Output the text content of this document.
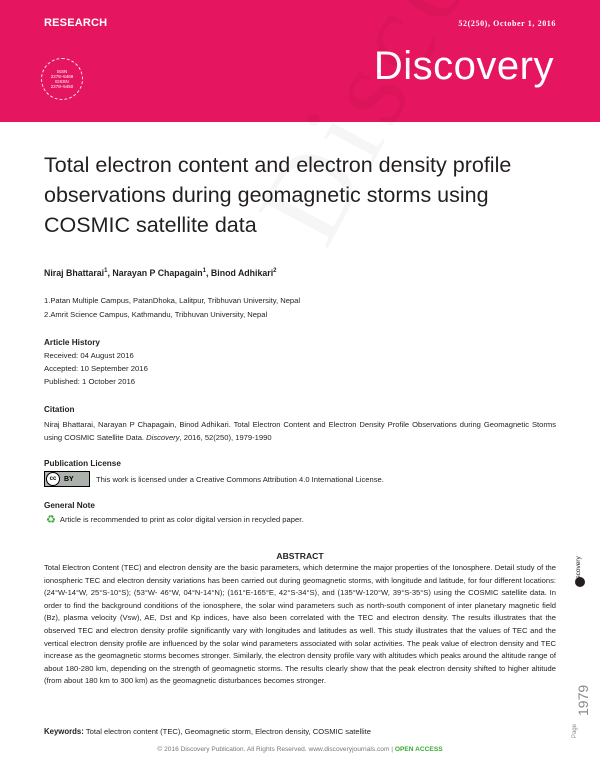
RESEARCH	52(250), October 1, 2016
ISSN
2278–5469
EISSN
2278–5450	Discovery
Total electron content and electron density profile observations during geomagnetic storms using COSMIC satellite data
Niraj Bhattarai$^1$, Narayan P Chapagain$^1$, Binod Adhikari$^2$
1.Patan Multiple Campus, PatanDhoka, Lalitpur, Tribhuvan University, Nepal
2.Amrit Science Campus, Kathmandu, Tribhuvan University, Nepal
Article History
Received: 04 August 2016
Accepted: 10 September 2016
Published: 1 October 2016
Citation
Niraj Bhattarai, Narayan P Chapagain, Binod Adhikari. Total Electron Content and Electron Density Profile Observations during Geomagnetic Storms using COSMIC Satellite Data. Discovery, 2016, 52(250), 1979-1990
Publication License
cc	BY	This work is licensed under a Creative Commons Attribution 4.0 International License.
General Note
♻ Article is recommended to print as color digital version in recycled paper.
ABSTRACT
Total Electron Content (TEC) and electron density are the basic parameters, which determine the major properties of the Ionosphere. Detail study of the ionospheric TEC and electron density variations has been carried out during geomagnetic storms, with longitude and latitude, for four different locations: (24°W-14°W, 25°S-10°S); (53°W- 46°W, 04°N-14°N); (161°E-165°E, 42°S-34°S), and (135°W-120°W, 39°S-35°S) using the COSMIC satellite data. In order to find the background conditions of the ionosphere, the solar wind parameters such as north-south component of inter planetary magnetic field (Bz), plasma velocity (Vsw), AE, Dst and Kp indices, have also been correlated with the TEC and electron density. The results illustrates that the observed TEC and electron density profile significantly vary with longitudes and latitudes as well. This study illustrates that the values of TEC and the vertical electron density profile are influenced by the solar wind parameters associated with solar activities. The peak value of electron density and TEC increase as the geomagnetic storms becomes stronger. Similarly, the electron density profile vary with altitudes which peaks around the altitude range of about 180-280 km, depending on the strength of geomagnetic storms. The results clearly show that the peak electron density shifted to higher altitude (from about 180 km to 300 km) as the geomagnetic disturbances becomes stronger.
Keywords: Total electron content (TEC), Geomagnetic storm, Electron density, COSMIC satellite
© 2016 Discovery Publication. All Rights Reserved. www.discoveryjournals.com | OPEN ACCESS
discovery
Page
1979
